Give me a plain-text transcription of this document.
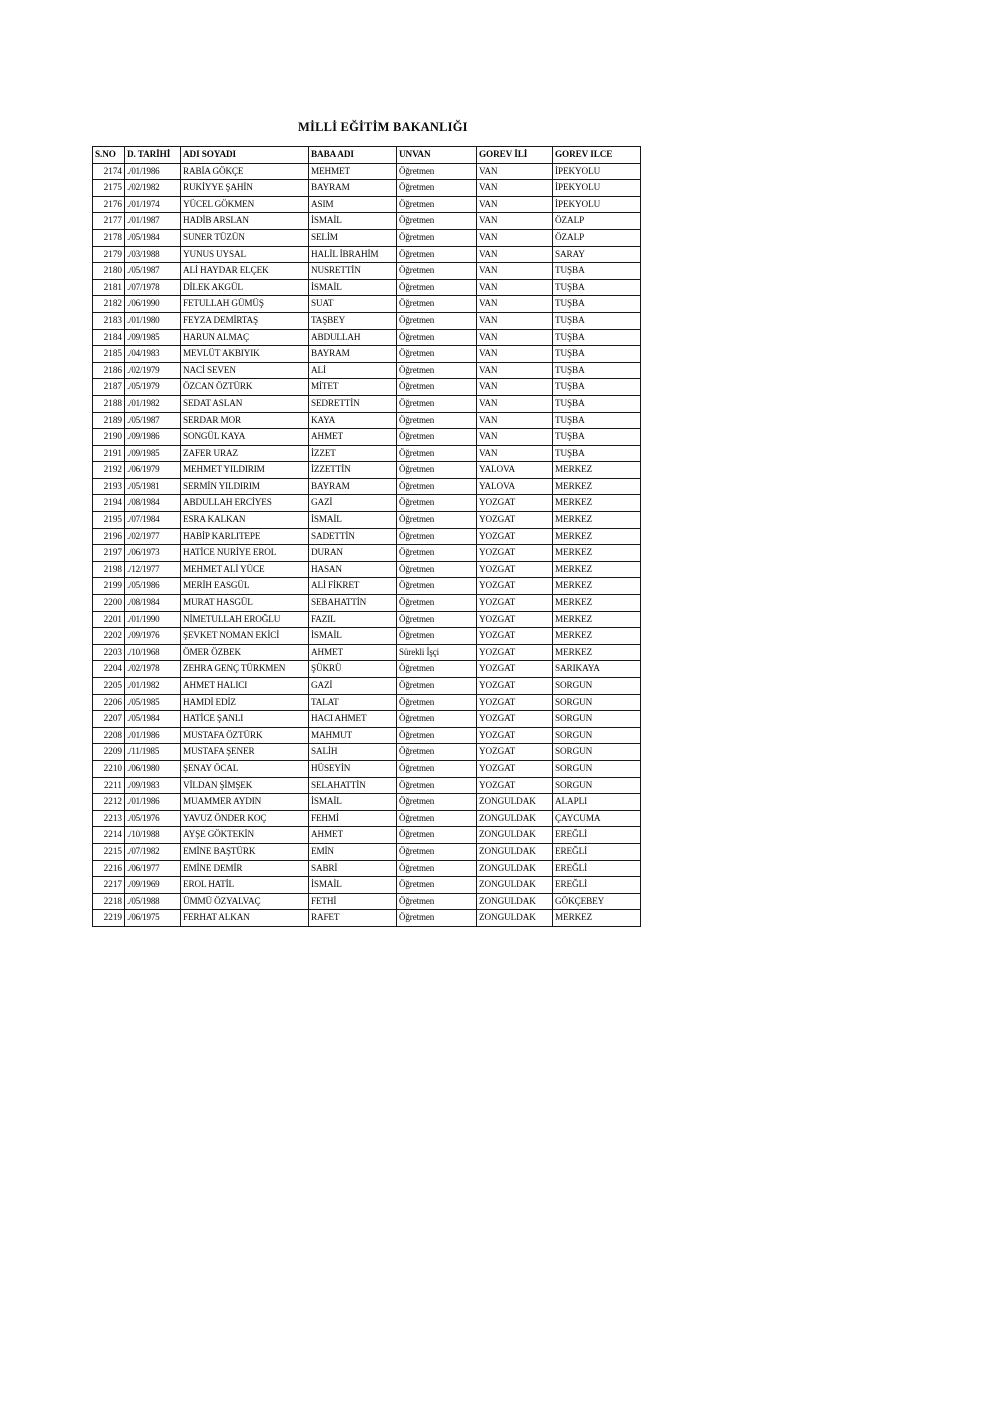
MİLLİ EĞİTİM BAKANLIĞI
S.NO	D. TARİHİ	ADI SOYADI	BABA ADI	UNVAN	GOREV İLİ	GOREV ILCE
2174	./01/1986	RABİA GÖKÇE	MEHMET	Öğretmen	VAN	İPEKYOLU
2175	./02/1982	RUKİYYE ŞAHİN	BAYRAM	Öğretmen	VAN	İPEKYOLU
2176	./01/1974	YÜCEL GÖKMEN	ASIM	Öğretmen	VAN	İPEKYOLU
2177	./01/1987	HADİB ARSLAN	İSMAİL	Öğretmen	VAN	ÖZALP
2178	./05/1984	SUNER TÜZÜN	SELİM	Öğretmen	VAN	ÖZALP
2179	./03/1988	YUNUS UYSAL	HALİL İBRAHİM	Öğretmen	VAN	SARAY
2180	./05/1987	ALİ HAYDAR ELÇEK	NUSRETTİN	Öğretmen	VAN	TUŞBA
2181	./07/1978	DİLEK AKGÜL	İSMAİL	Öğretmen	VAN	TUŞBA
2182	./06/1990	FETULLAH GÜMÜŞ	SUAT	Öğretmen	VAN	TUŞBA
2183	./01/1980	FEYZA DEMİRTAŞ	TAŞBEY	Öğretmen	VAN	TUŞBA
2184	./09/1985	HARUN ALMAÇ	ABDULLAH	Öğretmen	VAN	TUŞBA
2185	./04/1983	MEVLÜT AKBIYIK	BAYRAM	Öğretmen	VAN	TUŞBA
2186	./02/1979	NACİ SEVEN	ALİ	Öğretmen	VAN	TUŞBA
2187	./05/1979	ÖZCAN ÖZTÜRK	MİTET	Öğretmen	VAN	TUŞBA
2188	./01/1982	SEDAT ASLAN	SEDRETTİN	Öğretmen	VAN	TUŞBA
2189	./05/1987	SERDAR MOR	KAYA	Öğretmen	VAN	TUŞBA
2190	./09/1986	SONGÜL KAYA	AHMET	Öğretmen	VAN	TUŞBA
2191	./09/1985	ZAFER URAZ	İZZET	Öğretmen	VAN	TUŞBA
2192	./06/1979	MEHMET YILDIRIM	İZZETTİN	Öğretmen	YALOVA	MERKEZ
2193	./05/1981	SERMİN YILDIRIM	BAYRAM	Öğretmen	YALOVA	MERKEZ
2194	./08/1984	ABDULLAH ERCİYES	GAZİ	Öğretmen	YOZGAT	MERKEZ
2195	./07/1984	ESRA KALKAN	İSMAİL	Öğretmen	YOZGAT	MERKEZ
2196	./02/1977	HABİP KARLITEPE	SADETTİN	Öğretmen	YOZGAT	MERKEZ
2197	./06/1973	HATİCE NURİYE EROL	DURAN	Öğretmen	YOZGAT	MERKEZ
2198	./12/1977	MEHMET ALİ YÜCE	HASAN	Öğretmen	YOZGAT	MERKEZ
2199	./05/1986	MERİH EASGÜL	ALİ FİKRET	Öğretmen	YOZGAT	MERKEZ
2200	./08/1984	MURAT HASGÜL	SEBAHATTİN	Öğretmen	YOZGAT	MERKEZ
2201	./01/1990	NİMETULLAH EROĞLU	FAZIL	Öğretmen	YOZGAT	MERKEZ
2202	./09/1976	ŞEVKET NOMAN EKİCİ	İSMAİL	Öğretmen	YOZGAT	MERKEZ
2203	./10/1968	ÖMER ÖZBEK	AHMET	Sürekli İşçi	YOZGAT	MERKEZ
2204	./02/1978	ZEHRA GENÇ TÜRKMEN	ŞÜKRÜ	Öğretmen	YOZGAT	SARIKAYA
2205	./01/1982	AHMET HALICI	GAZİ	Öğretmen	YOZGAT	SORGUN
2206	./05/1985	HAMDİ EDİZ	TALAT	Öğretmen	YOZGAT	SORGUN
2207	./05/1984	HATİCE ŞANLI	HACI AHMET	Öğretmen	YOZGAT	SORGUN
2208	./01/1986	MUSTAFA ÖZTÜRK	MAHMUT	Öğretmen	YOZGAT	SORGUN
2209	./11/1985	MUSTAFA ŞENER	SALİH	Öğretmen	YOZGAT	SORGUN
2210	./06/1980	ŞENAY ÖCAL	HÜSEYİN	Öğretmen	YOZGAT	SORGUN
2211	./09/1983	VİLDAN ŞİMŞEK	SELAHATTİN	Öğretmen	YOZGAT	SORGUN
2212	./01/1986	MUAMMER AYDIN	İSMAİL	Öğretmen	ZONGULDAK	ALAPLI
2213	./05/1976	YAVUZ ÖNDER KOÇ	FEHMİ	Öğretmen	ZONGULDAK	ÇAYCUMA
2214	./10/1988	AYŞE GÖKTEKİN	AHMET	Öğretmen	ZONGULDAK	EREĞLİ
2215	./07/1982	EMİNE BAŞTÜRK	EMİN	Öğretmen	ZONGULDAK	EREĞLİ
2216	./06/1977	EMİNE DEMİR	SABRİ	Öğretmen	ZONGULDAK	EREĞLİ
2217	./09/1969	EROL HATİL	İSMAİL	Öğretmen	ZONGULDAK	EREĞLİ
2218	./05/1988	ÜMMÜ ÖZYALVAÇ	FETHİ	Öğretmen	ZONGULDAK	GÖKÇEBEY
2219	./06/1975	FERHAT ALKAN	RAFET	Öğretmen	ZONGULDAK	MERKEZ
